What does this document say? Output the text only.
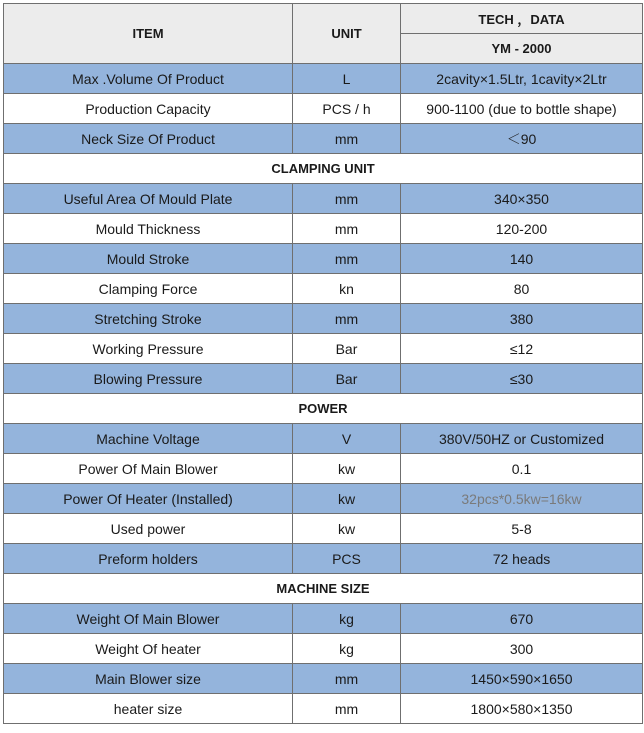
ITEM	UNIT	TECH ，DATA
		YM - 2000
Max .Volume Of Product	L	2cavity×1.5Ltr, 1cavity×2Ltr
Production Capacity	PCS / h	900-1100 (due to bottle shape)
Neck Size Of Product	mm	＜90
CLAMPING UNIT		
Useful Area Of Mould Plate	mm	340×350
Mould Thickness	mm	120-200
Mould Stroke	mm	140
Clamping Force	kn	80
Stretching Stroke	mm	380
Working Pressure	Bar	≤12
Blowing Pressure	Bar	≤30
POWER		
Machine Voltage	V	380V/50HZ or Customized
Power Of Main Blower	kw	0.1
Power Of Heater (Installed)	kw	32pcs*0.5kw=16kw
Used power	kw	5-8
Preform holders	PCS	72 heads
MACHINE SIZE		
Weight Of Main Blower	kg	670
Weight Of heater	kg	300
Main Blower size	mm	1450×590×1650
heater size	mm	1800×580×1350
